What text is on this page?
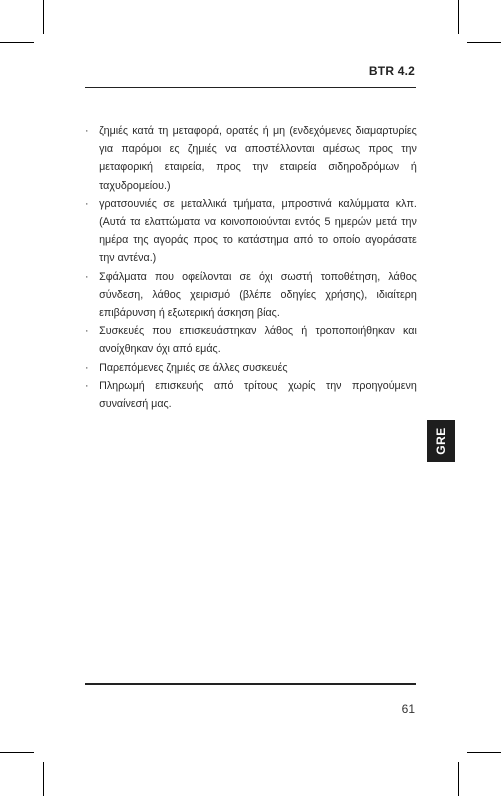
BTR 4.2
· ζημιές κατά τη μεταφορά, ορατές ή μη (ενδεχόμενες διαμαρτυρίες για παρόμοι ες ζημιές να αποστέλλονται αμέσως προς την μεταφορική εταιρεία, προς την εταιρεία σιδηροδρόμων ή ταχυδρομείου.)
· γρατσουνιές σε μεταλλικά τμήματα, μπροστινά καλύμματα κλπ. (Αυτά τα ελαττώματα να κοινοποιούνται εντός 5 ημερών μετά την ημέρα της αγοράς προς το κατάστημα από το οποίο αγοράσατε την αντένα.)
· Σφάλματα που οφείλονται σε όχι σωστή τοποθέτηση, λάθος σύνδεση, λάθος χειρισμό (βλέπε οδηγίες χρήσης), ιδιαίτερη επιβάρυνση ή εξωτερική άσκηση βίας.
· Συσκευές που επισκευάστηκαν λάθος ή τροποποιήθηκαν και ανοίχθηκαν όχι από εμάς.
· Παρεπόμενες ζημιές σε άλλες συσκευές
· Πληρωμή επισκευής από τρίτους χωρίς την προηγούμενη συναίνεσή μας.
GRE
61
